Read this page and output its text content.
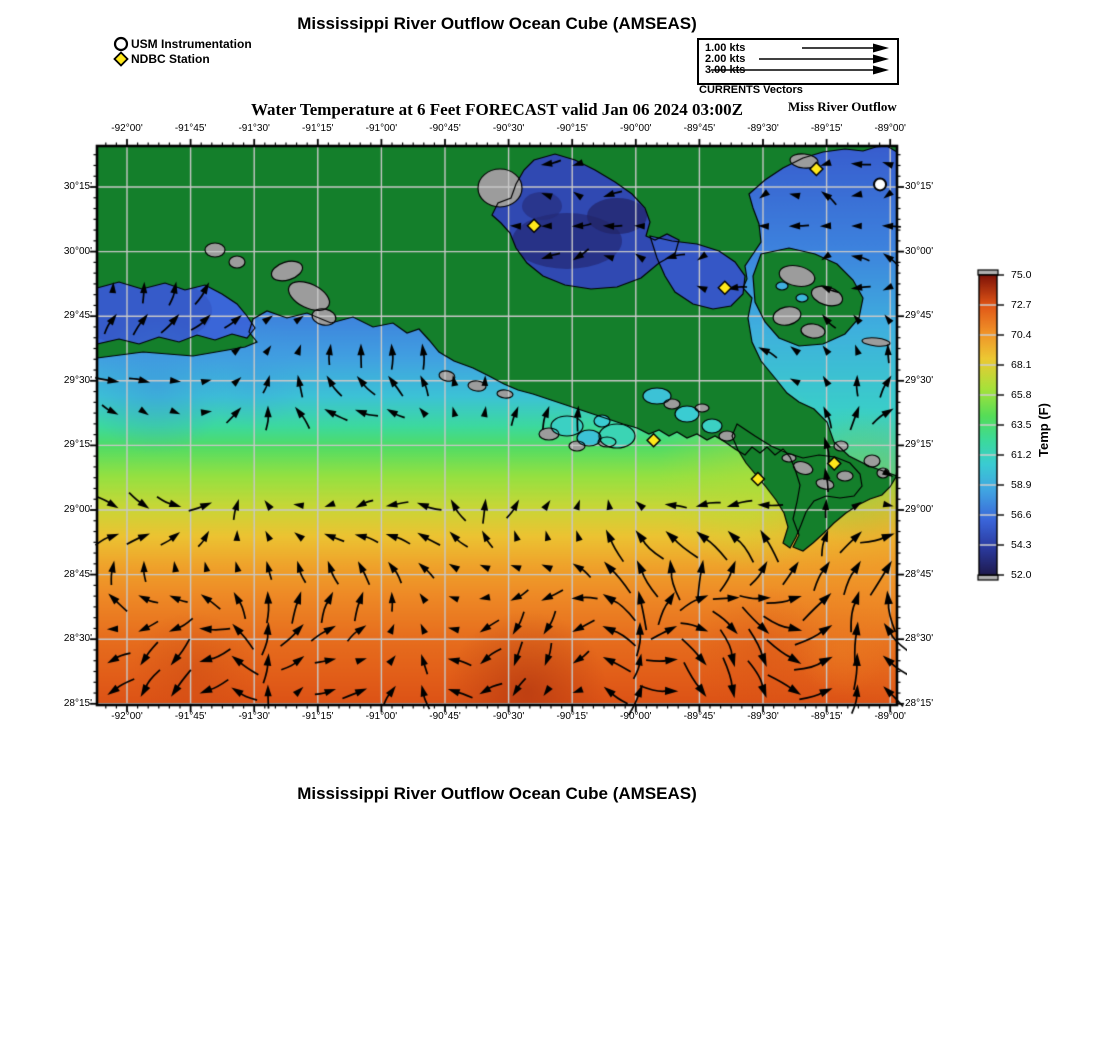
Mississippi River Outflow Ocean Cube (AMSEAS)
USM Instrumentation
NDBC Station
1.00 kts
2.00 kts
3.00 kts
CURRENTS Vectors
Water Temperature at 6 Feet FORECAST valid Jan 06 2024 03:00Z	Miss River Outflow
-92°00'
-92°00'
-91°45'
-91°45'
-91°30'
-91°30'
-91°15'
-91°15'
-91°00'
-91°00'
-90°45'
-90°45'
-90°30'
-90°30'
-90°15'
-90°15'
-90°00'
-90°00'
-89°45'
-89°45'
-89°30'
-89°30'
-89°15'
-89°15'
-89°00'
-89°00'
30°15'	30°15'
30°00'	30°00'
29°45'	29°45'
29°30'	29°30'
29°15'	29°15'
29°00'	29°00'
28°45'	28°45'
28°30'	28°30'
28°15'	28°15'
75.0
72.7
70.4
68.1
65.8
63.5
61.2
58.9
56.6
54.3
52.0
Temp (F)
Mississippi River Outflow Ocean Cube (AMSEAS)
